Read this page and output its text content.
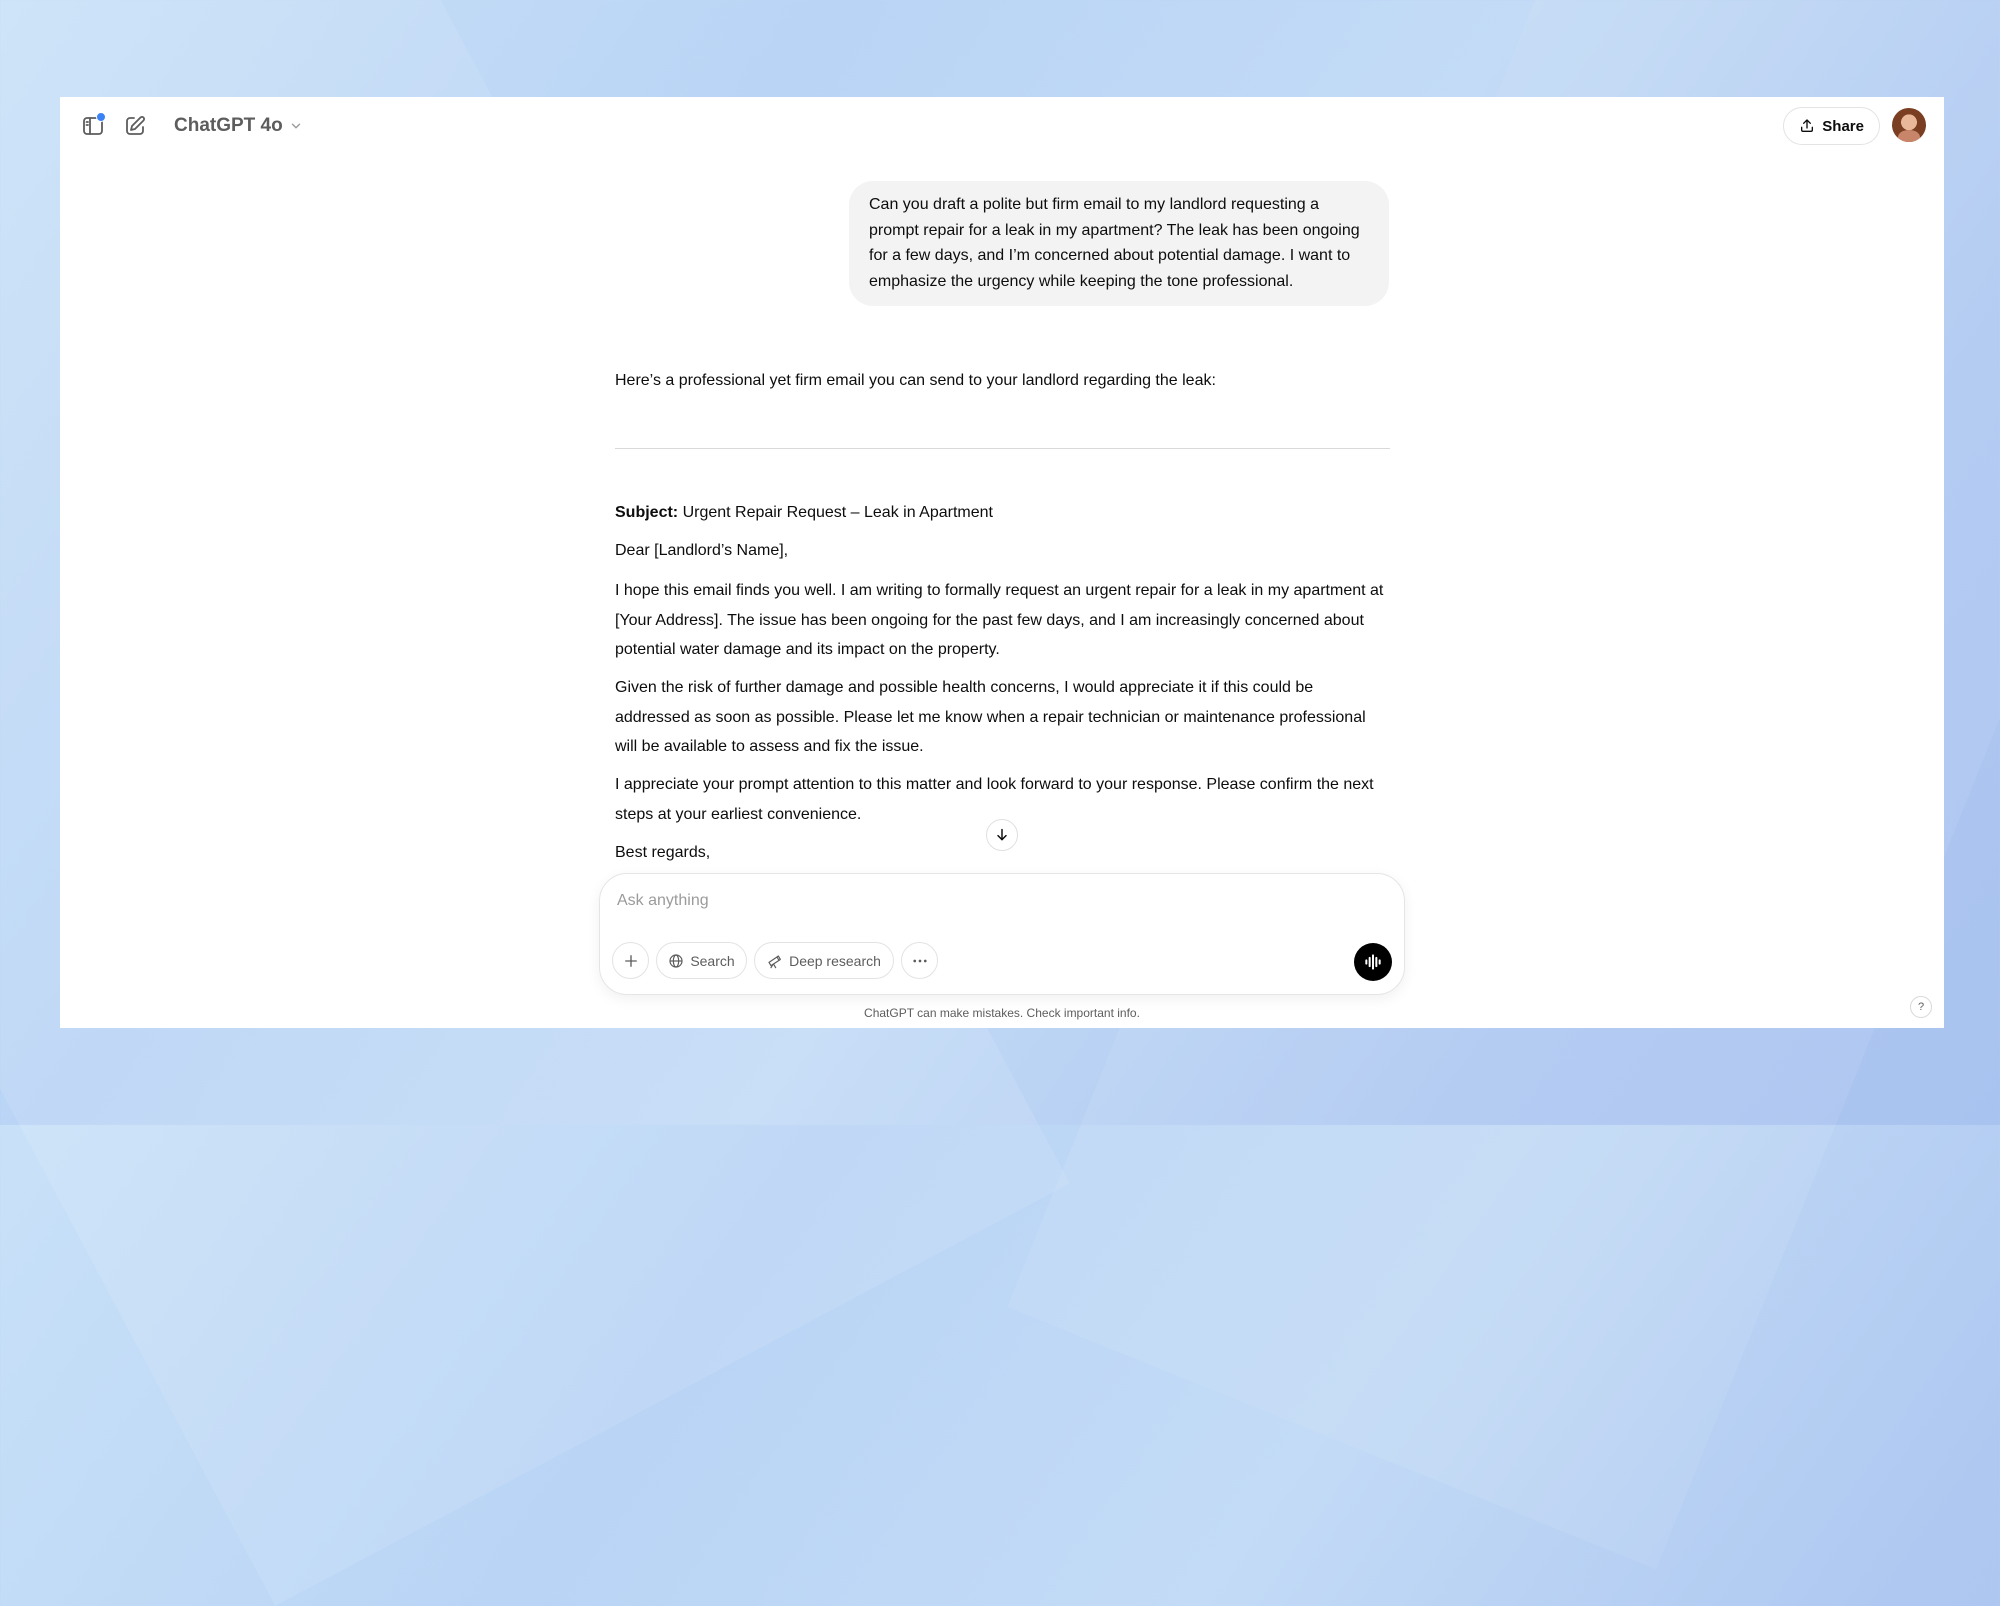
ChatGPT 4o	Share
Can you draft a polite but firm email to my landlord requesting a prompt repair for a leak in my apartment? The leak has been ongoing for a few days, and I’m concerned about potential damage. I want to emphasize the urgency while keeping the tone professional.
Here’s a professional yet firm email you can send to your landlord regarding the leak:
Subject: Urgent Repair Request – Leak in Apartment
Dear [Landlord’s Name],
I hope this email finds you well. I am writing to formally request an urgent repair for a leak in my apartment at [Your Address]. The issue has been ongoing for the past few days, and I am increasingly concerned about potential water damage and its impact on the property.
Given the risk of further damage and possible health concerns, I would appreciate it if this could be addressed as soon as possible. Please let me know when a repair technician or maintenance professional will be available to assess and fix the issue.
I appreciate your prompt attention to this matter and look forward to your response. Please confirm the next steps at your earliest convenience.
Best regards,
Ask anything
Search	Deep research
ChatGPT can make mistakes. Check important info.	?
